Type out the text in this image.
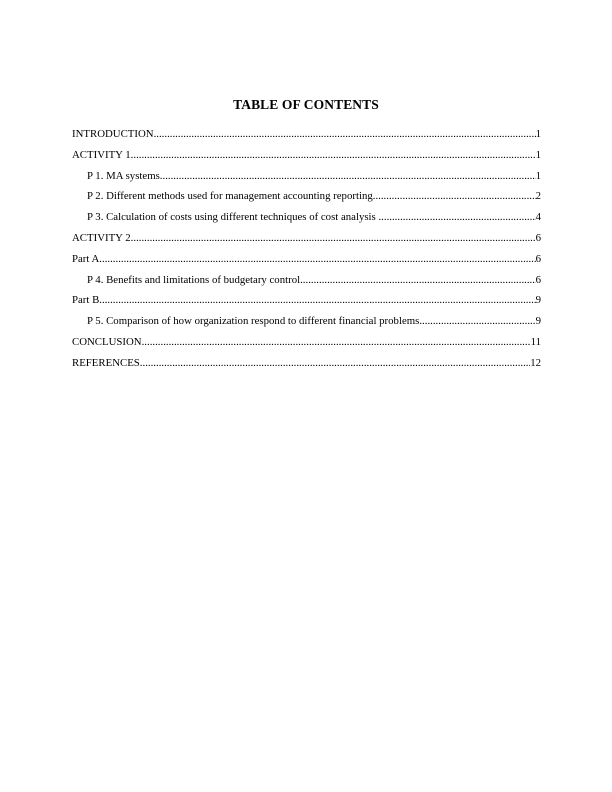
TABLE OF CONTENTS
INTRODUCTION .....	1
ACTIVITY 1 .....	1
P 1. MA systems .....	1
P 2. Different methods used for management accounting reporting .....	2
P 3. Calculation of costs using different techniques of cost analysis .....	4
ACTIVITY 2 .....	6
Part A .....	6
P 4. Benefits and limitations of budgetary control .....	6
Part B .....	9
P 5. Comparison of how organization respond to different financial problems .....	9
CONCLUSION .....	11
REFERENCES .....	12
